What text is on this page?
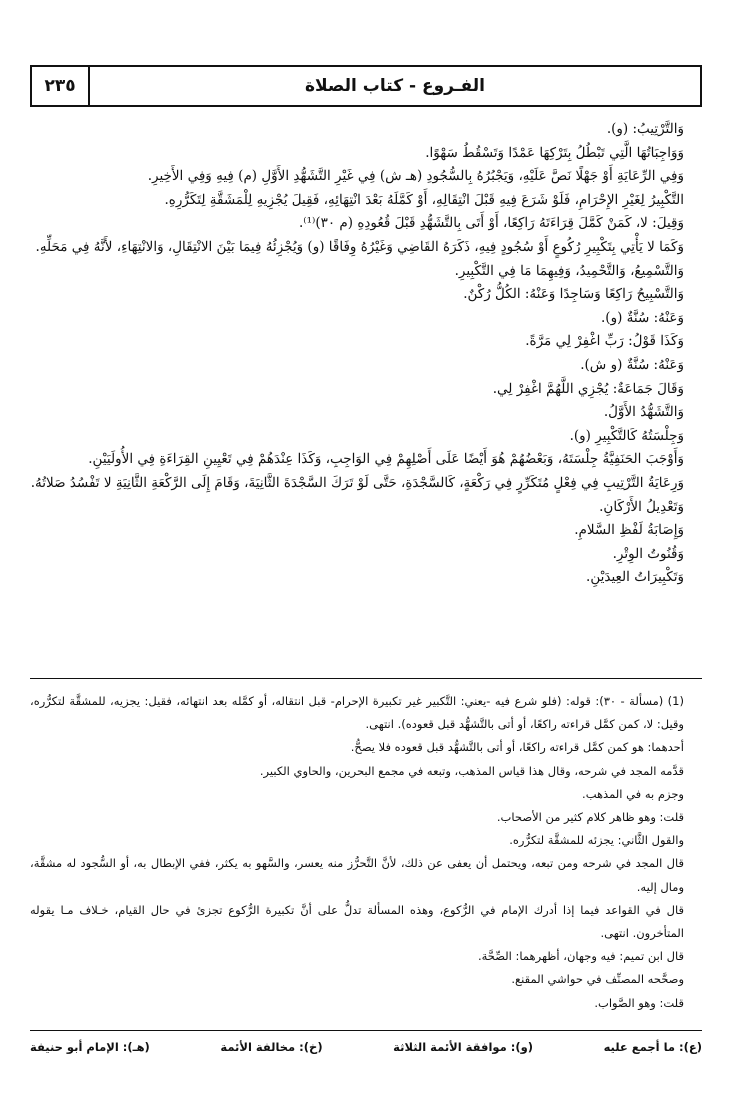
الفـروع - كتاب الصلاة
٢٣٥

وَالتَّرْتِيبُ: (و).

وَوَاجِبَاتُهَا الَّتِي تَبْطُلُ بِتَرْكِهَا عَمْدًا وَتَسْقُطُ سَهْوًا.

وَفِي الرِّعَايَةِ أَوْ جَهْلًا نَصَّ عَلَيْهِ، وَيَجْبُرُهُ بِالسُّجُودِ (هـ ش) فِي غَيْرِ التَّشَهُّدِ الأَوَّلِ (م) فِيهِ وَفِي الأَخِيرِ.

التَّكْبِيرُ لِغَيْرِ الإِحْرَامِ، فَلَوْ شَرَعَ فِيهِ قَبْلَ انْتِقَالِهِ، أَوْ كَمَّلَهُ بَعْدَ انْتِهَائِهِ، فَقِيلَ يُجْزِيهِ لِلْمَشَقَّةِ لِتَكَرُّرِهِ.

وَقِيلَ: لا، كَمَنْ كَمَّلَ قِرَاءَتَهُ رَاكِعًا، أَوْ أَتَى بِالتَّشَهُّدِ قَبْلَ قُعُودِهِ (م ٣٠)⁽¹⁾.

وَكَمَا لا يَأْتِي بِتَكْبِيرِ رُكُوعٍ أَوْ سُجُودٍ فِيهِ، ذَكَرَهُ القَاضِي وَغَيْرُهُ وِفَاقًا (و) وَيُجْزِئُهُ فِيمَا بَيْنَ الانْتِقَالِ، وَالانْتِهَاءِ، لأَنَّهُ فِي مَحَلِّهِ.

وَالتَّسْمِيعُ، وَالتَّحْمِيدُ، وَفِيهِمَا مَا فِي التَّكْبِيرِ.

وَالتَّسْبِيحُ رَاكِعًا وَسَاجِدًا وَعَنْهُ: الكُلُّ رُكْنٌ.

وَعَنْهُ: سُنَّةٌ (و).

وَكَذَا قَوْلُ: رَبِّ اغْفِرْ لِي مَرَّةً.

وَعَنْهُ: سُنَّةٌ (و ش).

وَقَالَ جَمَاعَةٌ: يُجْزِي اللَّهُمَّ اغْفِرْ لِي.

وَالتَّشَهُّدُ الأَوَّلُ.

وَجِلْسَتُهُ كَالتَّكْبِيرِ (و).

وَأَوْجَبَ الحَنَفِيَّةُ جِلْسَتَهُ، وَبَعْضُهُمْ هُوَ أَيْضًا عَلَى أَصْلِهِمْ فِي الوَاجِبِ، وَكَذَا عِنْدَهُمْ فِي تَعْيِينِ القِرَاءَةِ فِي الأُولَيَيْنِ.

وَرِعَايَةُ التَّرْتِيبِ فِي فِعْلٍ مُتَكَرِّرٍ فِي رَكْعَةٍ، كَالسَّجْدَةِ، حَتَّى لَوْ تَرَكَ السَّجْدَةَ الثَّانِيَةَ، وَقَامَ إِلَى الرَّكْعَةِ الثَّانِيَةِ لا تَفْسُدُ صَلاتُهُ.

وَتَعْدِيلُ الأَرْكَانِ.

وَإِصَابَةُ لَفْظِ السَّلامِ.

وَقُنُوتُ الوِتْرِ.

وَتَكْبِيرَاتُ العِيدَيْنِ.

(1) (مسألة - ٣٠): قوله: (فلو شرع فيه -يعني: التَّكبير غير تكبيرة الإحرام- قبل انتقاله، أو كمَّله بعد انتهائه، فقيل: يجزيه، للمشقَّة لتكرُّره، وقيل: لا، كمن كمَّل قراءته راكعًا، أو أتى بالتَّشهُّد قبل قعوده). انتهى.

أحدهما: هو كمن كمَّل قراءته راكعًا، أو أتى بالتَّشهُّد قبل قعوده فلا يصحُّ.

قدَّمه المجد في شرحه، وقال هذا قياس المذهب، وتبعه في مجمع البحرين، والحاوي الكبير.

وجزم به في المذهب.

قلت: وهو ظاهر كلام كثير من الأصحاب.

والقول الثَّاني: يجزئه للمشقَّة لتكرُّره.

قال المجد في شرحه ومن تبعه، ويحتمل أن يعفى عن ذلك، لأنَّ التَّحرُّز منه يعسر، والسَّهو به يكثر، ففي الإبطال به، أو السُّجود له مشقَّة، ومال إليه.

قال في القواعد فيما إذا أدرك الإمام في الرُّكوع، وهذه المسألة تدلُّ على أنَّ تكبيرة الرُّكوع تجزئ في حال القيام، خـلاف مـا يقوله المتأخرون. انتهى.

قال ابن تميم: فيه وجهان، أظهرهما: الصِّحَّة.

وصحَّحه المصنِّف في حواشي المقنع.

قلت: وهو الصَّواب.

(ع): ما أجمع عليه
(و): موافقة الأئمة الثلاثة
(خ): مخالفة الأئمة
(هـ): الإمام أبو حنيفة
